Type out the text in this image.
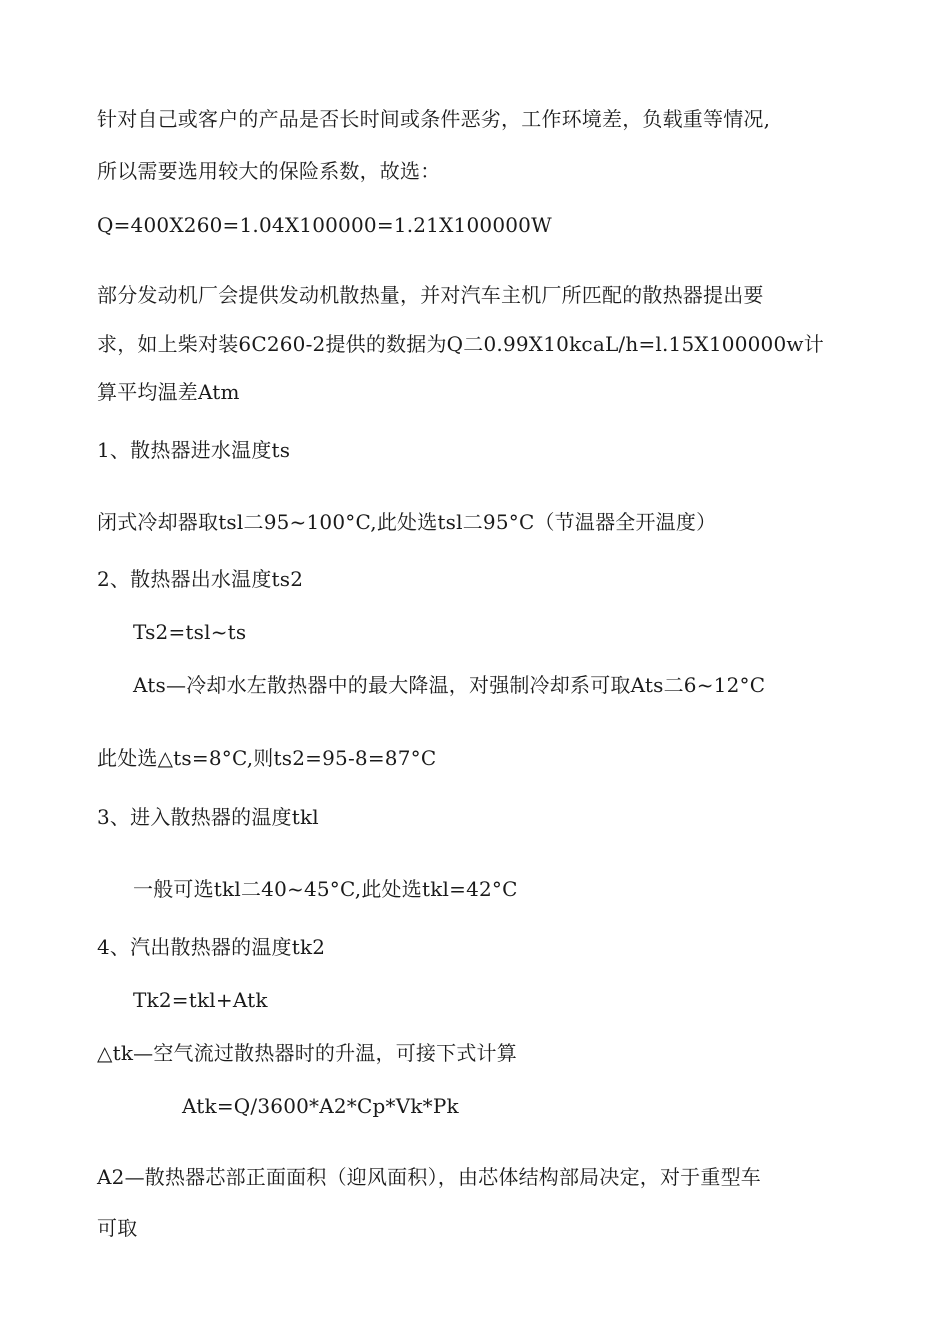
针对自己或客户的产品是否长时间或条件恶劣，工作环境差，负载重等情况,
所以需要选用较大的保险系数，故选：
Q=400X260=1.04X100000=1.21X100000W
部分发动机厂会提供发动机散热量，并对汽车主机厂所匹配的散热器提出要
求，如上柴对装6C260-2提供的数据为Q二0.99X10kcaL/h=l.15X100000w计
算平均温差Atm
1、散热器进水温度ts
闭式冷却器取tsl二95~100°C,此处选tsl二95°C（节温器全开温度）
2、散热器出水温度ts2
Ts2=tsl~ts
Ats—冷却水左散热器中的最大降温，对强制冷却系可取Ats二6~12°C
此处选△ts=8°C,则ts2=95-8=87°C
3、进入散热器的温度tkl
一般可选tkl二40~45°C,此处选tkl=42°C
4、汽出散热器的温度tk2
Tk2=tkl+Atk
△tk—空气流过散热器时的升温，可接下式计算
Atk=Q/3600*A2*Cp*Vk*Pk
A2—散热器芯部正面面积（迎风面积），由芯体结构部局决定，对于重型车
可取
